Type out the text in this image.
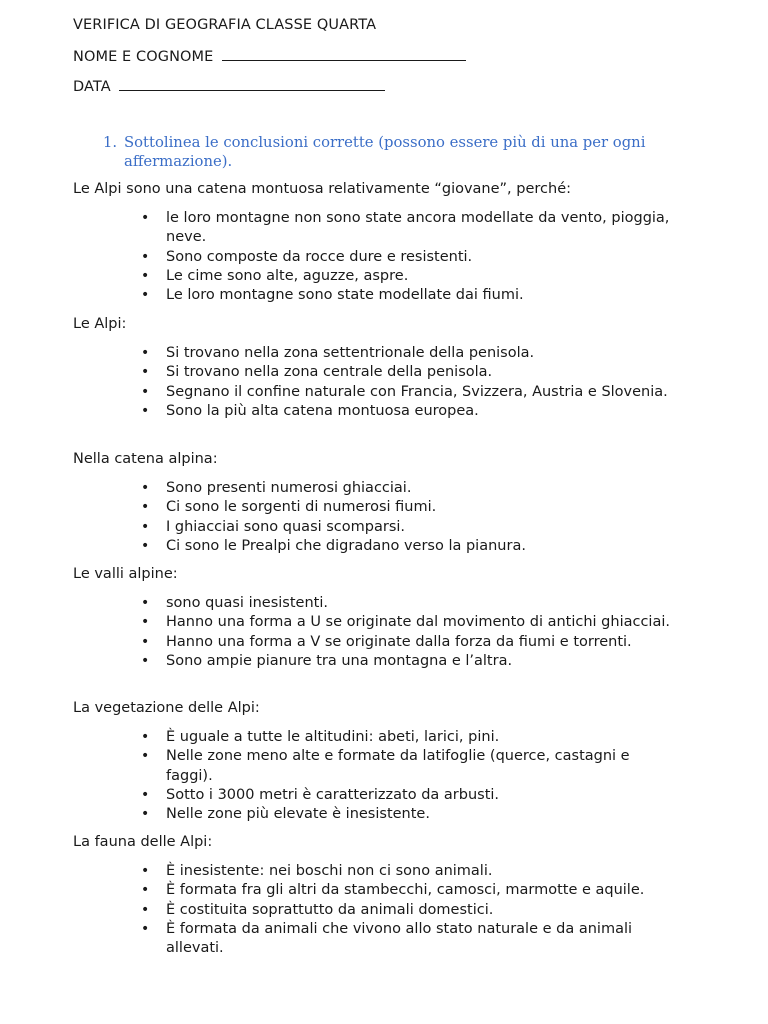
VERIFICA DI GEOGRAFIA CLASSE QUARTA
NOME E COGNOME
DATA
1. Sottolinea le conclusioni corrette (possono essere più di una per ogni affermazione).

Le Alpi sono una catena montuosa relativamente “giovane”, perché:

• le loro montagne non sono state ancora modellate da vento, pioggia, neve.
• Sono composte da rocce dure e resistenti.
• Le cime sono alte, aguzze, aspre.
• Le loro montagne sono state modellate dai fiumi.

Le Alpi:

• Si trovano nella zona settentrionale della penisola.
• Si trovano nella zona centrale della penisola.
• Segnano il confine naturale con Francia, Svizzera, Austria e Slovenia.
• Sono la più alta catena montuosa europea.

Nella catena alpina:

• Sono presenti numerosi ghiacciai.
• Ci sono le sorgenti di numerosi fiumi.
• I ghiacciai sono quasi scomparsi.
• Ci sono le Prealpi che digradano verso la pianura.

Le valli alpine:

• sono quasi inesistenti.
• Hanno una forma a U se originate dal movimento di antichi ghiacciai.
• Hanno una forma a V se originate dalla forza da fiumi e torrenti.
• Sono ampie pianure tra una montagna e l’altra.

La vegetazione delle Alpi:

• È uguale a tutte le altitudini: abeti, larici, pini.
• Nelle zone meno alte e formate da latifoglie (querce, castagni e faggi).
• Sotto i 3000 metri è caratterizzato da arbusti.
• Nelle zone più elevate è inesistente.

La fauna delle Alpi:

• È inesistente: nei boschi non ci sono animali.
• È formata fra gli altri da stambecchi, camosci, marmotte e aquile.
• È costituita soprattutto da animali domestici.
• È formata da animali che vivono allo stato naturale e da animali allevati.
